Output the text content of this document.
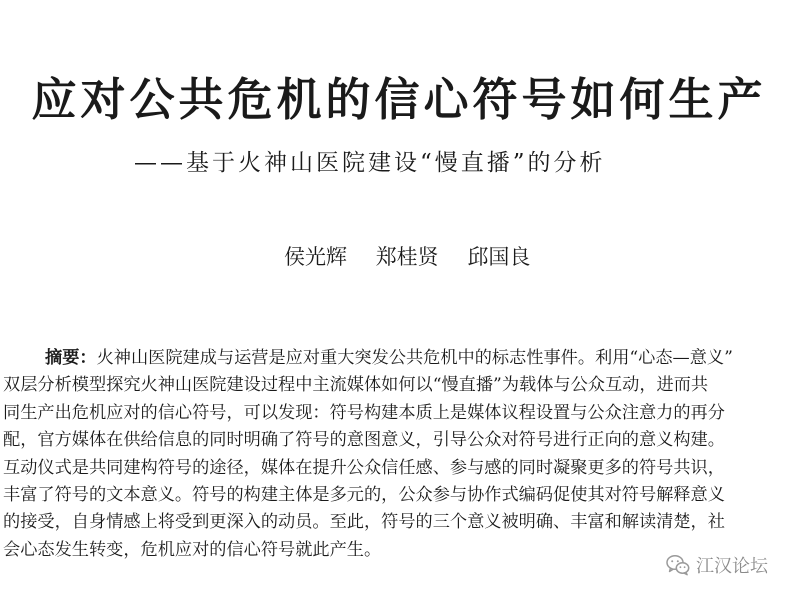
应对公共危机的信心符号如何生产
——基于火神山医院建设“慢直播”的分析
侯光辉 郑桂贤 邱国良
摘要：火神山医院建成与运营是应对重大突发公共危机中的标志性事件。利用“心态—意义”
双层分析模型探究火神山医院建设过程中主流媒体如何以“慢直播”为载体与公众互动，进而共
同生产出危机应对的信心符号，可以发现：符号构建本质上是媒体议程设置与公众注意力的再分
配，官方媒体在供给信息的同时明确了符号的意图意义，引导公众对符号进行正向的意义构建。
互动仪式是共同建构符号的途径，媒体在提升公众信任感、参与感的同时凝聚更多的符号共识，
丰富了符号的文本意义。符号的构建主体是多元的，公众参与协作式编码促使其对符号解释意义
的接受，自身情感上将受到更深入的动员。至此，符号的三个意义被明确、丰富和解读清楚，社
会心态发生转变，危机应对的信心符号就此产生。
江汉论坛
